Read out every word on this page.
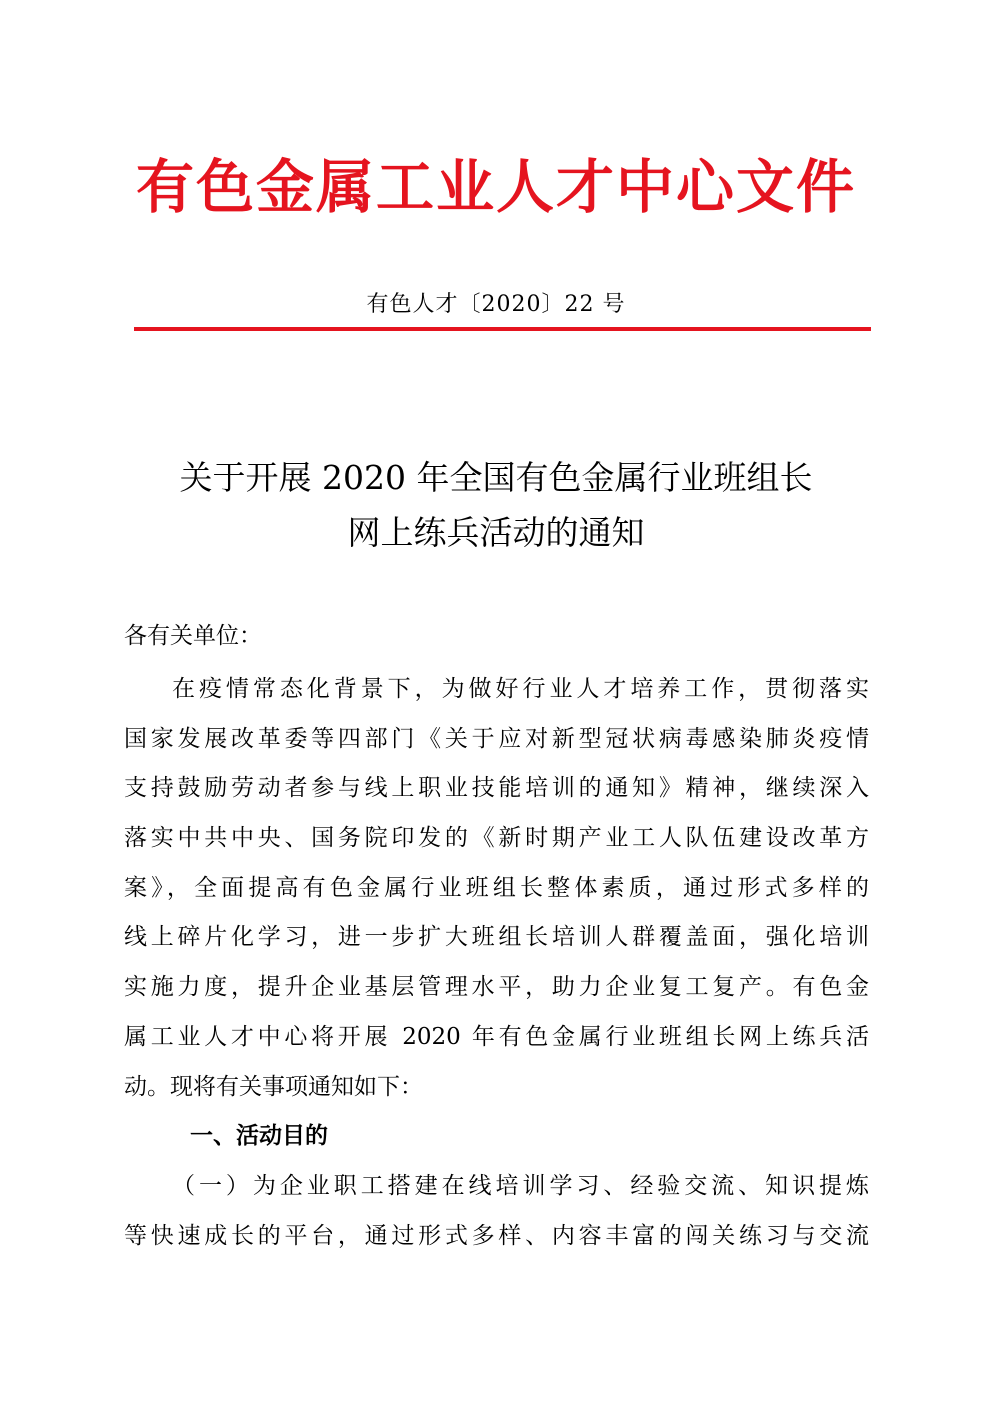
有色金属工业人才中心文件
有色人才〔2020〕22 号
关于开展 2020 年全国有色金属行业班组长
网上练兵活动的通知
各有关单位：
在疫情常态化背景下，为做好行业人才培养工作，贯彻落实
国家发展改革委等四部门《关于应对新型冠状病毒感染肺炎疫情
支持鼓励劳动者参与线上职业技能培训的通知》精神，继续深入
落实中共中央、国务院印发的《新时期产业工人队伍建设改革方
案》，全面提高有色金属行业班组长整体素质，通过形式多样的
线上碎片化学习，进一步扩大班组长培训人群覆盖面，强化培训
实施力度，提升企业基层管理水平，助力企业复工复产。有色金
属工业人才中心将开展 2020 年有色金属行业班组长网上练兵活
动。现将有关事项通知如下：
一、活动目的
（一）为企业职工搭建在线培训学习、经验交流、知识提炼
等快速成长的平台，通过形式多样、内容丰富的闯关练习与交流
